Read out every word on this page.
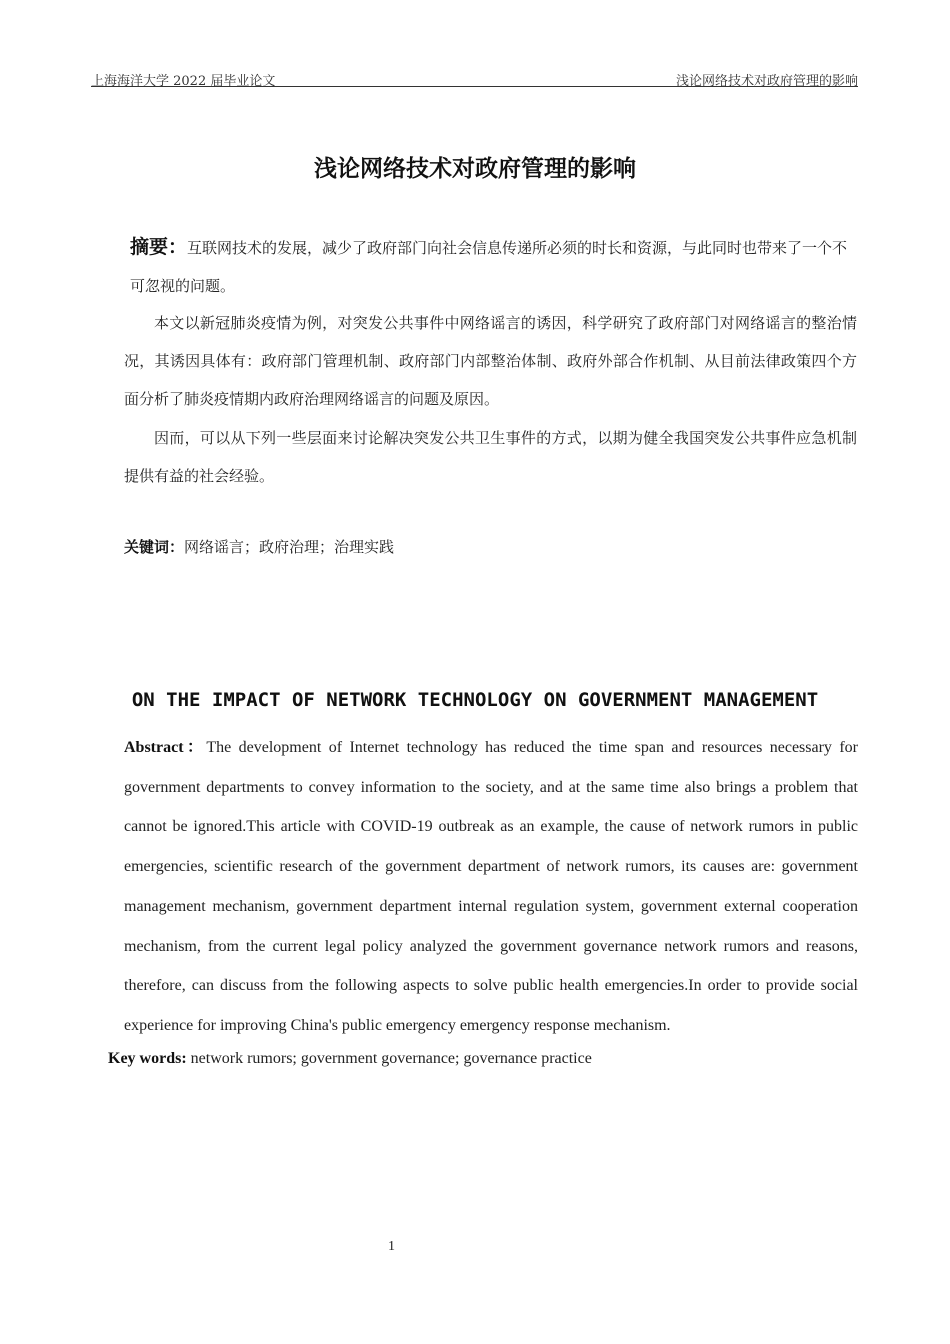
上海海洋大学 2022 届毕业论文	浅论网络技术对政府管理的影响
浅论网络技术对政府管理的影响
摘要：互联网技术的发展，减少了政府部门向社会信息传递所必须的时长和资源，与此同时也带来了一个不可忽视的问题。

本文以新冠肺炎疫情为例，对突发公共事件中网络谣言的诱因，科学研究了政府部门对网络谣言的整治情况，其诱因具体有：政府部门管理机制、政府部门内部整治体制、政府外部合作机制、从目前法律政策四个方面分析了肺炎疫情期内政府治理网络谣言的问题及原因。

因而，可以从下列一些层面来讨论解决突发公共卫生事件的方式，以期为健全我国突发公共事件应急机制提供有益的社会经验。

关键词：网络谣言；政府治理；治理实践
ON THE IMPACT OF NETWORK TECHNOLOGY ON GOVERNMENT MANAGEMENT

Abstract：The development of Internet technology has reduced the time span and resources necessary for government departments to convey information to the society, and at the same time also brings a problem that cannot be ignored.This article with COVID-19 outbreak as an example, the cause of network rumors in public emergencies, scientific research of the government department of network rumors, its causes are: government management mechanism, government department internal regulation system, government external cooperation mechanism, from the current legal policy analyzed the government governance network rumors and reasons, therefore, can discuss from the following aspects to solve public health emergencies.In order to provide social experience for improving China's public emergency emergency response mechanism.

Key words: network rumors; government governance; governance practice
1
